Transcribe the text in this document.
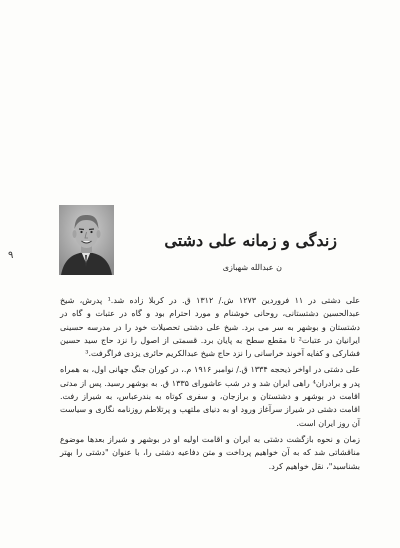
۹
زندگی و زمانه علی دشتی
ن عبدالله شهبازی

علی دشتی در ۱۱ فروردین ۱۲۷۳ ش./ ۱۳۱۲ ق. در کربلا زاده شد.¹ پدرش، شیخ عبدالحسین دشتستانی، روحانی خوشنام و مورد احترام بود و گاه در عتبات و گاه در دشتستان و بوشهر به سر می برد. شیخ علی دشتی تحصیلات خود را در مدرسه حسینی ایرانیان در عتبات² تا مقطع سطح به پایان برد. قسمتی از اصول را نزد حاج سید حسین فشارکی و کفایه آخوند خراسانی را نزد حاج شیخ عبدالکریم حائری یزدی فراگرفت.³

علی دشتی در اواخر ذیحجه ۱۳۳۴ ق./ نوامبر ۱۹۱۶ م.، در کوران جنگ جهانی اول، به همراه پدر و برادران⁴ راهی ایران شد و در شب عاشورای ۱۳۳۵ ق. به بوشهر رسید. پس از مدتی اقامت در بوشهر و دشتستان و برازجان، و سفری کوتاه به بندرعباس، به شیراز رفت. اقامت دشتی در شیراز سرآغاز ورود او به دنیای ملتهب و پرتلاطم روزنامه نگاری و سیاست آن روز ایران است.

زمان و نحوه بازگشت دشتی به ایران و اقامت اولیه او در بوشهر و شیراز بعدها موضوع مناقشاتی شد که به آن خواهیم پرداخت و متن دفاعیه دشتی را، با عنوان "دشتی را بهتر بشناسید"، نقل خواهیم کرد.
